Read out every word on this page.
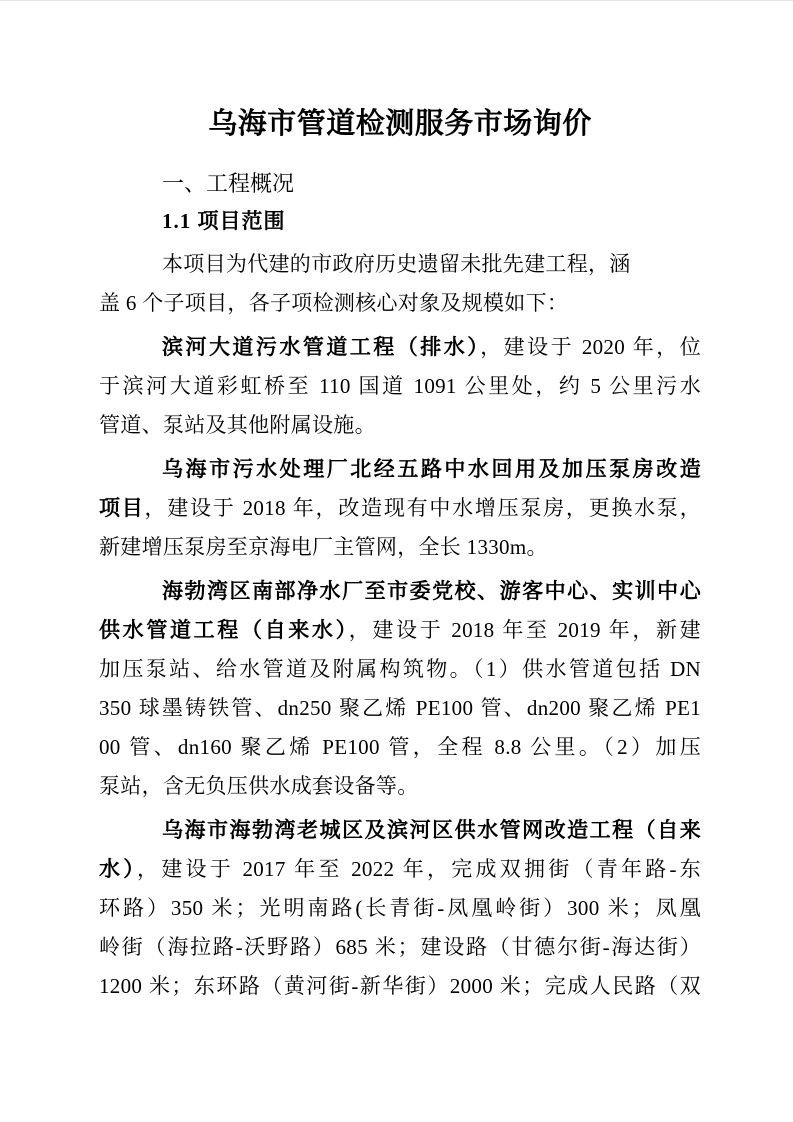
乌海市管道检测服务市场询价
一、工程概况
1.1 项目范围
本项目为代建的市政府历史遗留未批先建工程，涵
盖 6 个子项目，各子项检测核心对象及规模如下：
滨河大道污水管道工程（排水），建设于 2020 年，位
于滨河大道彩虹桥至 110 国道 1091 公里处，约 5 公里污水
管道、泵站及其他附属设施。
乌海市污水处理厂北经五路中水回用及加压泵房改造
项目，建设于 2018 年，改造现有中水增压泵房，更换水泵，
新建增压泵房至京海电厂主管网，全长 1330m。
海勃湾区南部净水厂至市委党校、游客中心、实训中心
供水管道工程（自来水），建设于 2018 年至 2019 年，新建
加压泵站、给水管道及附属构筑物。（1）供水管道包括 DN
350 球墨铸铁管、dn250 聚乙烯 PE100 管、dn200 聚乙烯 PE1
00 管、dn160 聚乙烯 PE100 管，全程 8.8 公里。（2）加压
泵站，含无负压供水成套设备等。
乌海市海勃湾老城区及滨河区供水管网改造工程（自来
水），建设于 2017 年至 2022 年，完成双拥街（青年路-东
环路）350 米；光明南路(长青街-凤凰岭街）300 米；凤凰
岭街（海拉路-沃野路）685 米；建设路（甘德尔街-海达街）
1200 米；东环路（黄河街-新华街）2000 米；完成人民路（双
